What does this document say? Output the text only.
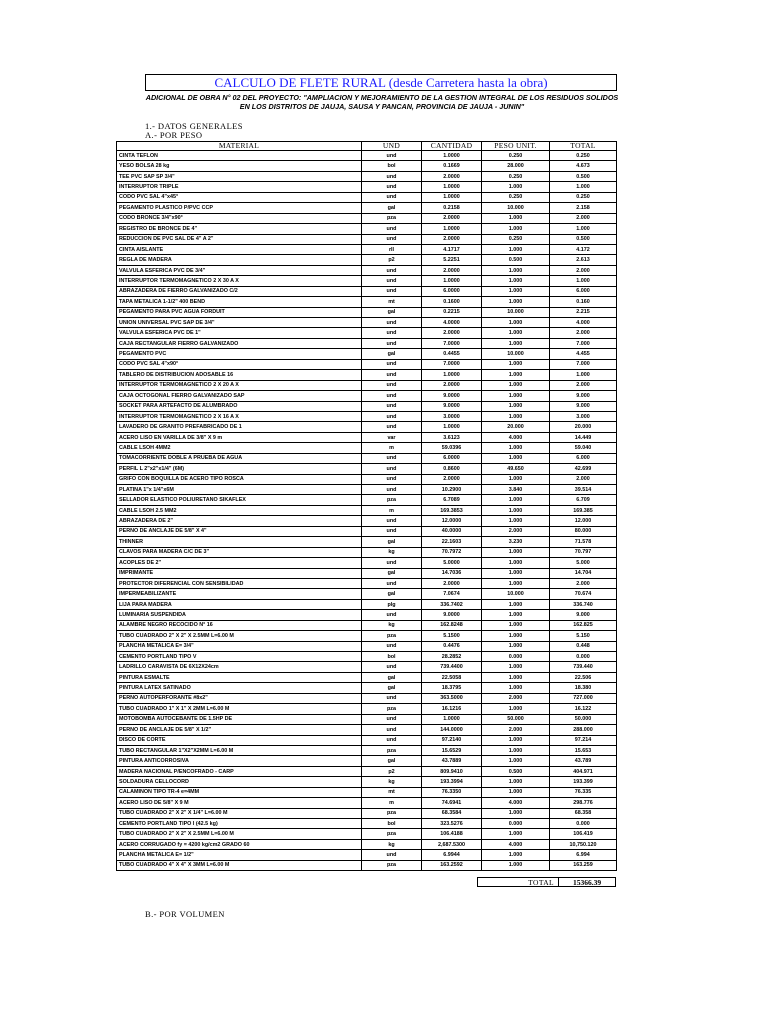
CALCULO DE FLETE RURAL (desde Carretera hasta la obra)
ADICIONAL DE OBRA N° 02 DEL PROYECTO: "AMPLIACION Y MEJORAMIENTO DE LA GESTION INTEGRAL DE LOS RESIDUOS SOLIDOS EN LOS DISTRITOS DE JAUJA, SAUSA Y PANCAN, PROVINCIA DE JAUJA - JUNIN"
1.- DATOS GENERALES
A.- POR PESO
MATERIAL	UND	CANTIDAD	PESO UNIT.	TOTAL
CINTA TEFLON	und	1.0000	0.250	0.250
YESO BOLSA 28 kg	bol	0.1669	28.000	4.673
TEE PVC SAP SP 3/4"	und	2.0000	0.250	0.500
INTERRUPTOR TRIPLE	und	1.0000	1.000	1.000
CODO PVC SAL 4"x45°	und	1.0000	0.250	0.250
PEGAMENTO PLASTICO P/PVC CCP	gal	0.2158	10.000	2.158
CODO BRONCE 3/4"x90°	pza	2.0000	1.000	2.000
REGISTRO DE BRONCE DE 4"	und	1.0000	1.000	1.000
REDUCCION DE PVC SAL DE 4" A 2"	und	2.0000	0.250	0.500
CINTA AISLANTE	rll	4.1717	1.000	4.172
REGLA DE MADERA	p2	5.2251	0.500	2.613
VALVULA ESFERICA PVC DE 3/4"	und	2.0000	1.000	2.000
INTERRUPTOR TERMOMAGNETICO 2 X 30 A X	und	1.0000	1.000	1.000
ABRAZADERA DE FIERRO GALVANIZADO C/2	und	6.0000	1.000	6.000
TAPA METALICA 1-1/2" 400 BEND	mt	0.1600	1.000	0.160
PEGAMENTO PARA PVC AGUA FORDUIT	gal	0.2215	10.000	2.215
UNION UNIVERSAL PVC SAP DE 3/4"	und	4.0000	1.000	4.000
VALVULA ESFERICA PVC DE 1"	und	2.0000	1.000	2.000
CAJA RECTANGULAR FIERRO GALVANIZADO	und	7.0000	1.000	7.000
PEGAMENTO PVC	gal	0.4455	10.000	4.455
CODO PVC SAL 4"x90°	und	7.0000	1.000	7.000
TABLERO DE DISTRIBUCION ADOSABLE 16	und	1.0000	1.000	1.000
INTERRUPTOR TERMOMAGNETICO 2 X 20 A X	und	2.0000	1.000	2.000
CAJA OCTOGONAL FIERRO GALVANIZADO SAP	und	9.0000	1.000	9.000
SOCKET PARA ARTEFACTO DE ALUMBRADO	und	9.0000	1.000	9.000
INTERRUPTOR TERMOMAGNETICO 2 X 16 A X	und	3.0000	1.000	3.000
LAVADERO DE GRANITO PREFABRICADO DE 1	und	1.0000	20.000	20.000
ACERO LISO EN VARILLA DE 3/8" X 9 m	var	3.6123	4.000	14.449
CABLE LSOH 4MM2	m	59.0396	1.000	59.040
TOMACORRIENTE DOBLE A PRUEBA DE AGUA	und	6.0000	1.000	6.000
PERFIL L 2"x2"x1/4" (6M)	und	0.8600	49.650	42.699
GRIFO CON BOQUILLA DE ACERO TIPO ROSCA	und	2.0000	1.000	2.000
PLATINA 1"x 1/4"x6M	und	10.2900	3.840	39.514
SELLADOR ELASTICO POLIURETANO SIKAFLEX	pza	6.7089	1.000	6.709
CABLE LSOH 2.5 MM2	m	169.3853	1.000	169.385
ABRAZADERA DE 2"	und	12.0000	1.000	12.000
PERNO DE ANCLAJE DE 5/8" X 4"	und	40.0000	2.000	80.000
THINNER	gal	22.1603	3.230	71.578
CLAVOS PARA MADERA C/C DE 3"	kg	70.7972	1.000	70.797
ACOPLES DE 2"	und	5.0000	1.000	5.000
IMPRIMANTE	gal	14.7036	1.000	14.704
PROTECTOR DIFERENCIAL CON SENSIBILIDAD	und	2.0000	1.000	2.000
IMPERMEABILIZANTE	gal	7.0674	10.000	70.674
LIJA PARA MADERA	plg	336.7402	1.000	336.740
LUMINARIA SUSPENDIDA	und	9.0000	1.000	9.000
ALAMBRE NEGRO RECOCIDO N° 16	kg	162.8248	1.000	162.825
TUBO CUADRADO 2" X 2" X 2.5MM L=6.00 M	pza	5.1500	1.000	5.150
PLANCHA METALICA E= 3/4"	und	0.4476	1.000	0.448
CEMENTO PORTLAND TIPO V	bol	28.2852	0.000	0.000
LADRILLO CARAVISTA DE 6X12X24cm	und	739.4400	1.000	739.440
PINTURA ESMALTE	gal	22.5058	1.000	22.506
PINTURA LATEX SATINADO	gal	18.3795	1.000	18.380
PERNO AUTOPERFORANTE #8x2"	und	363.5000	2.000	727.000
TUBO CUADRADO 1" X 1" X 2MM L=6.00 M	pza	16.1216	1.000	16.122
MOTOBOMBA AUTOCEBANTE DE 1.5HP DE	und	1.0000	50.000	50.000
PERNO DE ANCLAJE DE 5/8" X 1/2"	und	144.0000	2.000	288.000
DISCO DE CORTE	und	97.2140	1.000	97.214
TUBO RECTANGULAR 1"X2"X2MM L=6.00 M	pza	15.6529	1.000	15.653
PINTURA ANTICORROSIVA	gal	43.7889	1.000	43.789
MADERA NACIONAL P/ENCOFRADO - CARP	p2	809.9410	0.500	404.971
SOLDADURA CELLOCORD	kg	193.3994	1.000	193.399
CALAMINON TIPO TR-4 e=4MM	mt	76.3350	1.000	76.335
ACERO LISO DE 5/8" X 9 M	m	74.6941	4.000	298.776
TUBO CUADRADO 2" X 2" X 1/4" L=6.00 M	pza	68.3584	1.000	68.358
CEMENTO PORTLAND TIPO I (42.5 kg)	bol	323.5276	0.000	0.000
TUBO CUADRADO 2" X 2" X 2.5MM L=6.00 M	pza	106.4188	1.000	106.419
ACERO CORRUGADO fy = 4200 kg/cm2 GRADO 60	kg	2,687.5300	4.000	10,750.120
PLANCHA METALICA E= 1/2"	und	6.9944	1.000	6.994
TUBO CUADRADO 4" X 4" X 3MM L=6.00 M	pza	163.2592	1.000	163.259
TOTAL	15366.39
B.- POR VOLUMEN
